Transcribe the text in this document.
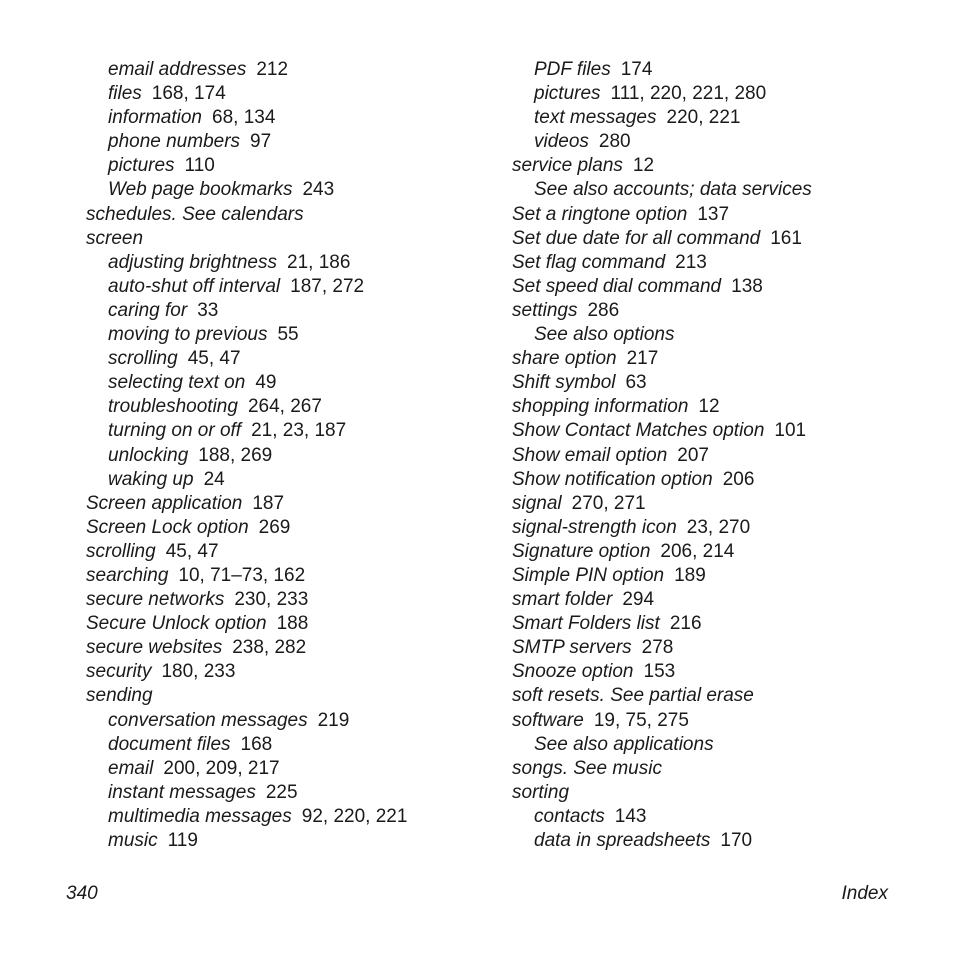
email addresses 212
files 168, 174
information 68, 134
phone numbers 97
pictures 110
Web page bookmarks 243
schedules. See calendars
screen
adjusting brightness 21, 186
auto-shut off interval 187, 272
caring for 33
moving to previous 55
scrolling 45, 47
selecting text on 49
troubleshooting 264, 267
turning on or off 21, 23, 187
unlocking 188, 269
waking up 24
Screen application 187
Screen Lock option 269
scrolling 45, 47
searching 10, 71–73, 162
secure networks 230, 233
Secure Unlock option 188
secure websites 238, 282
security 180, 233
sending
conversation messages 219
document files 168
email 200, 209, 217
instant messages 225
multimedia messages 92, 220, 221
music 119
PDF files 174
pictures 111, 220, 221, 280
text messages 220, 221
videos 280
service plans 12
See also accounts; data services
Set a ringtone option 137
Set due date for all command 161
Set flag command 213
Set speed dial command 138
settings 286
See also options
share option 217
Shift symbol 63
shopping information 12
Show Contact Matches option 101
Show email option 207
Show notification option 206
signal 270, 271
signal-strength icon 23, 270
Signature option 206, 214
Simple PIN option 189
smart folder 294
Smart Folders list 216
SMTP servers 278
Snooze option 153
soft resets. See partial erase
software 19, 75, 275
See also applications
songs. See music
sorting
contacts 143
data in spreadsheets 170
340	Index
